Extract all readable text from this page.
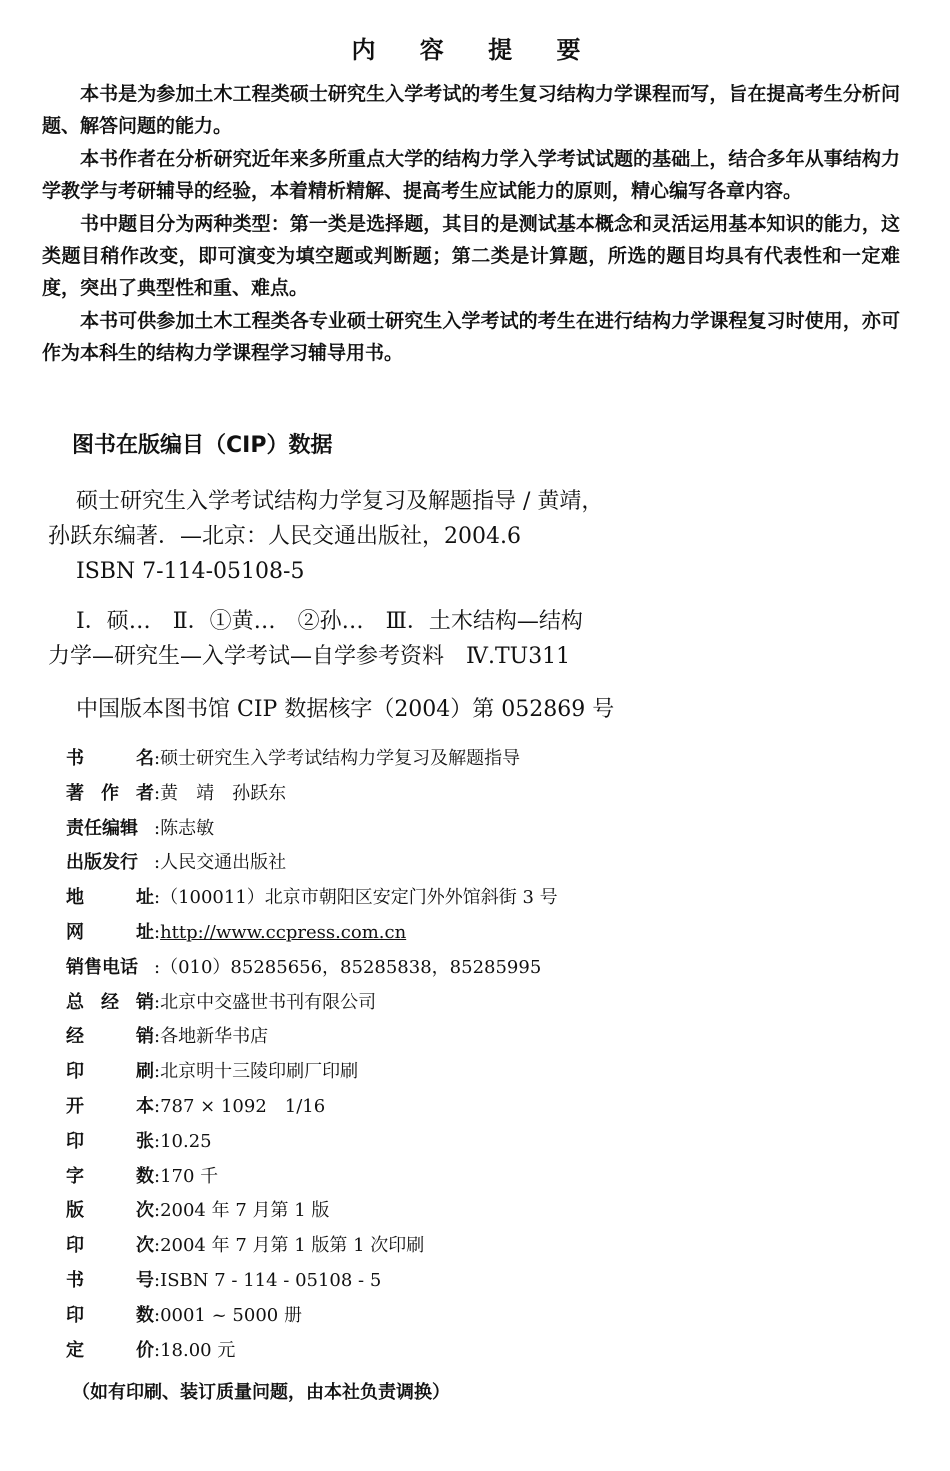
内 容 提 要

本书是为参加土木工程类硕士研究生入学考试的考生复习结构力学课程而写，旨在提高考生分析问题、解答问题的能力。

本书作者在分析研究近年来多所重点大学的结构力学入学考试试题的基础上，结合多年从事结构力学教学与考研辅导的经验，本着精析精解、提高考生应试能力的原则，精心编写各章内容。

书中题目分为两种类型：第一类是选择题，其目的是测试基本概念和灵活运用基本知识的能力，这类题目稍作改变，即可演变为填空题或判断题；第二类是计算题，所选的题目均具有代表性和一定难度，突出了典型性和重、难点。

本书可供参加土木工程类各专业硕士研究生入学考试的考生在进行结构力学课程复习时使用，亦可作为本科生的结构力学课程学习辅导用书。

图书在版编目（CIP）数据
硕士研究生入学考试结构力学复习及解题指导 / 黄靖，
孙跃东编著．—北京：人民交通出版社，2004.6
ISBN 7-114-05108-5
Ⅰ．硕…　Ⅱ．①黄…　②孙…　Ⅲ．土木结构—结构
力学—研究生—入学考试—自学参考资料　Ⅳ.TU311
中国版本图书馆 CIP 数据核字（2004）第 052869 号
书	名 : 硕士研究生入学考试结构力学复习及解题指导
著 作 者 : 黄　靖　孙跃东
责任编辑 : 陈志敏
出版发行 : 人民交通出版社
地	址 : （100011）北京市朝阳区安定门外外馆斜街 3 号
网	址 : http://www.ccpress.com.cn
销售电话 : （010）85285656，85285838，85285995
总 经 销 : 北京中交盛世书刊有限公司
经	销 : 各地新华书店
印	刷 : 北京明十三陵印刷厂印刷
开	本 : 787 × 1092　1/16
印	张 : 10.25
字	数 : 170 千
版	次 : 2004 年 7 月第 1 版
印	次 : 2004 年 7 月第 1 版第 1 次印刷
书	号 : ISBN 7 - 114 - 05108 - 5
印	数 : 0001 ~ 5000 册
定	价 : 18.00 元
（如有印刷、装订质量问题，由本社负责调换）
